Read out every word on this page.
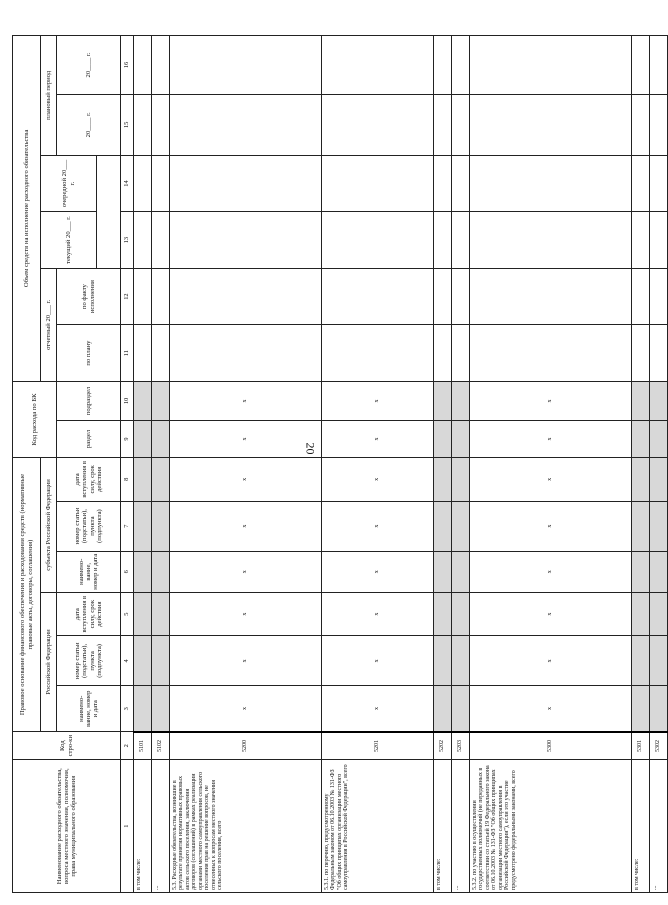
20
Наименование расходного обязательства, вопроса местного значения, полномочия, права муниципального образования	Код стро-ки	Правовое основание финансового обеспечения и расходования средств (нормативные правовые акты, договоры, соглашения)						Код расхода по БК		Объем средств на исполнение расходного обязательства					
		Российской Федерации			субъекта Российской Федерации					отчетный 20___ г.		текущий 20___ г.	очередной 20___ г.	плановый период	
		наимено-вание, номер и дата	номер статьи (подстатьи), пункта (подпункта)	дата вступления в силу, срок действия	наимено-вание, номер и дата	номер статьи (подстатьи), пункта (подпункта)	дата вступления в силу, срок действия	раздел	подраздел	по плану	по факту исполнения			20____ г.	20____ г.

1	2	3	4	5	6	7	8	9	10	11	12	13	14	15	16
в том числе:	5101														
...	5102														
5.3. Расходные обязательства, возникшие в результате принятия нормативных правовых актов сельского поселения, заключения договоров (соглашений) в рамках реализации органами местного самоуправления сельского поселения прав на решение вопросов, не отнесенных к вопросам местного значения сельского поселения, всего	5200	x	x	x	x	x	x	x	x						
5.3.1. по перечню, предусмотренному Федеральным законом от 06.10.2003 № 131-ФЗ "Об общих принципах организации местного самоуправления в Российской Федерации", всего	5201	x	x	x	x	x	x	x	x						
в том числе:	5202														
...	5203														
5.3.2. по участию в осуществлении государственных полномочий (не переданных в соответствии со статьей 19 Федерального закона от 06.10.2003 № 131-ФЗ "Об общих принципах организации местного самоуправления в Российской Федерации"), если это участие предусмотрено федеральными законами, всего	5300	x	x	x	x	x	x	x	x						
в том числе:	5301														
...	5302														
